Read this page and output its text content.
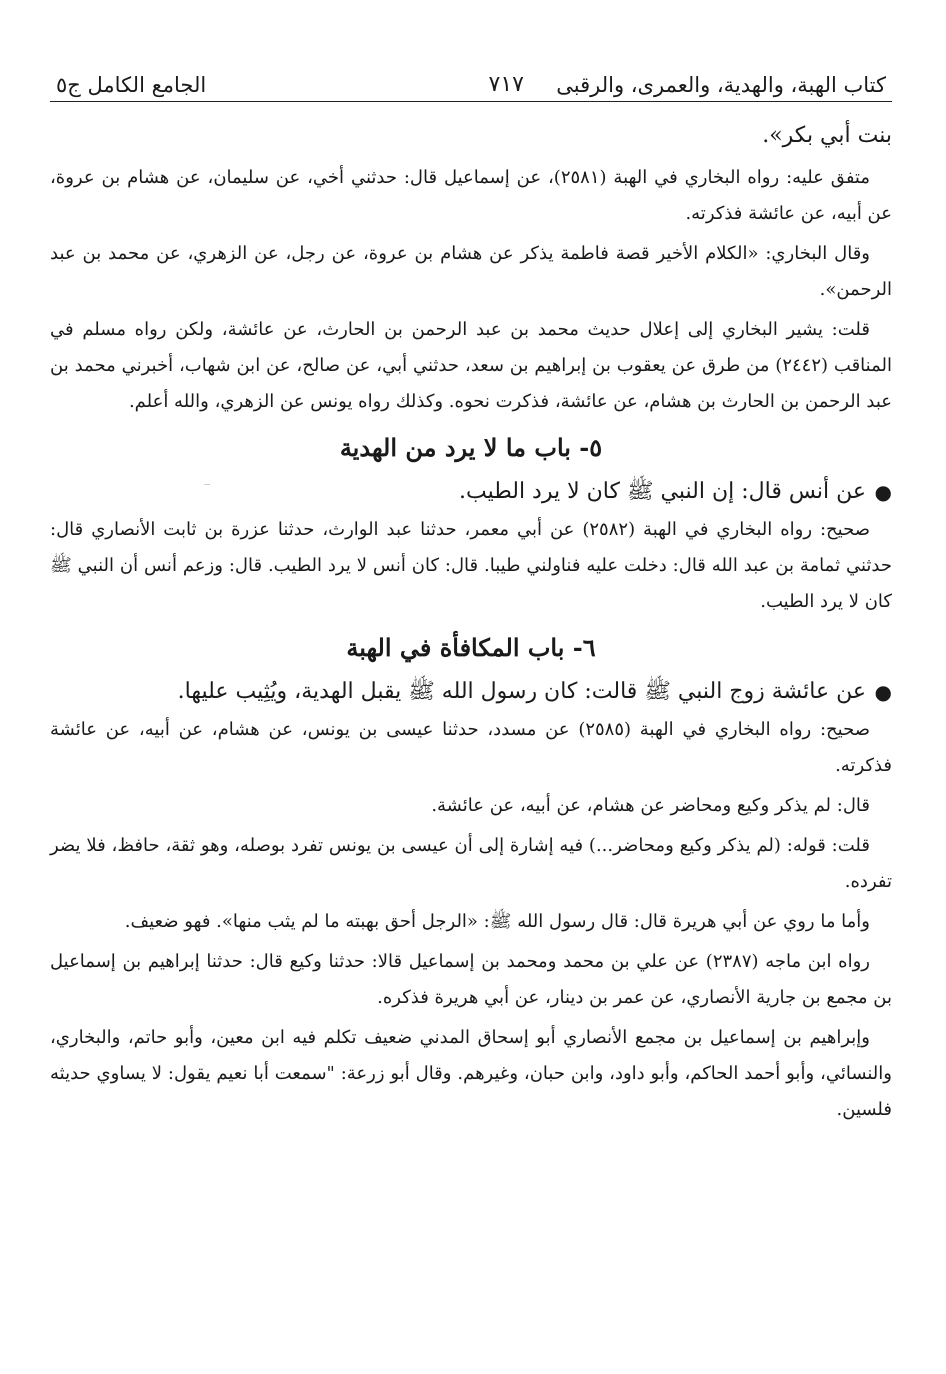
كتاب الهبة، والهدية، والعمرى، والرقبى
٧١٧
الجامع الكامل ج٥

بنت أبي بكر».

متفق عليه: رواه البخاري في الهبة (٢٥٨١)، عن إسماعيل قال: حدثني أخي، عن سليمان، عن هشام بن عروة، عن أبيه، عن عائشة فذكرته.

وقال البخاري: «الكلام الأخير قصة فاطمة يذكر عن هشام بن عروة، عن رجل، عن الزهري، عن محمد بن عبد الرحمن».

قلت: يشير البخاري إلى إعلال حديث محمد بن عبد الرحمن بن الحارث، عن عائشة، ولكن رواه مسلم في المناقب (٢٤٤٢) من طرق عن يعقوب بن إبراهيم بن سعد، حدثني أبي، عن صالح، عن ابن شهاب، أخبرني محمد بن عبد الرحمن بن الحارث بن هشام، عن عائشة، فذكرت نحوه. وكذلك رواه يونس عن الزهري، والله أعلم.

٥- باب ما لا يرد من الهدية

●
عن أنس قال: إن النبي ﷺ كان لا يرد الطيب.

صحيح: رواه البخاري في الهبة (٢٥٨٢) عن أبي معمر، حدثنا عبد الوارث، حدثنا عزرة بن ثابت الأنصاري قال: حدثني ثمامة بن عبد الله قال: دخلت عليه فناولني طيبا. قال: كان أنس لا يرد الطيب. قال: وزعم أنس أن النبي ﷺ كان لا يرد الطيب.

٦- باب المكافأة في الهبة

●
عن عائشة زوج النبي ﷺ قالت: كان رسول الله ﷺ يقبل الهدية، ويُثِيب عليها.

صحيح: رواه البخاري في الهبة (٢٥٨٥) عن مسدد، حدثنا عيسى بن يونس، عن هشام، عن أبيه، عن عائشة فذكرته.

قال: لم يذكر وكيع ومحاضر عن هشام، عن أبيه، عن عائشة.

قلت: قوله: (لم يذكر وكيع ومحاضر...) فيه إشارة إلى أن عيسى بن يونس تفرد بوصله، وهو ثقة، حافظ، فلا يضر تفرده.

وأما ما روي عن أبي هريرة قال: قال رسول الله ﷺ: «الرجل أحق بهبته ما لم يثب منها». فهو ضعيف.

رواه ابن ماجه (٢٣٨٧) عن علي بن محمد ومحمد بن إسماعيل قالا: حدثنا وكيع قال: حدثنا إبراهيم بن إسماعيل بن مجمع بن جارية الأنصاري، عن عمر بن دينار، عن أبي هريرة فذكره.

وإبراهيم بن إسماعيل بن مجمع الأنصاري أبو إسحاق المدني ضعيف تكلم فيه ابن معين، وأبو حاتم، والبخاري، والنسائي، وأبو أحمد الحاكم، وأبو داود، وابن حبان، وغيرهم. وقال أبو زرعة: "سمعت أبا نعيم يقول: لا يساوي حديثه فلسين.
